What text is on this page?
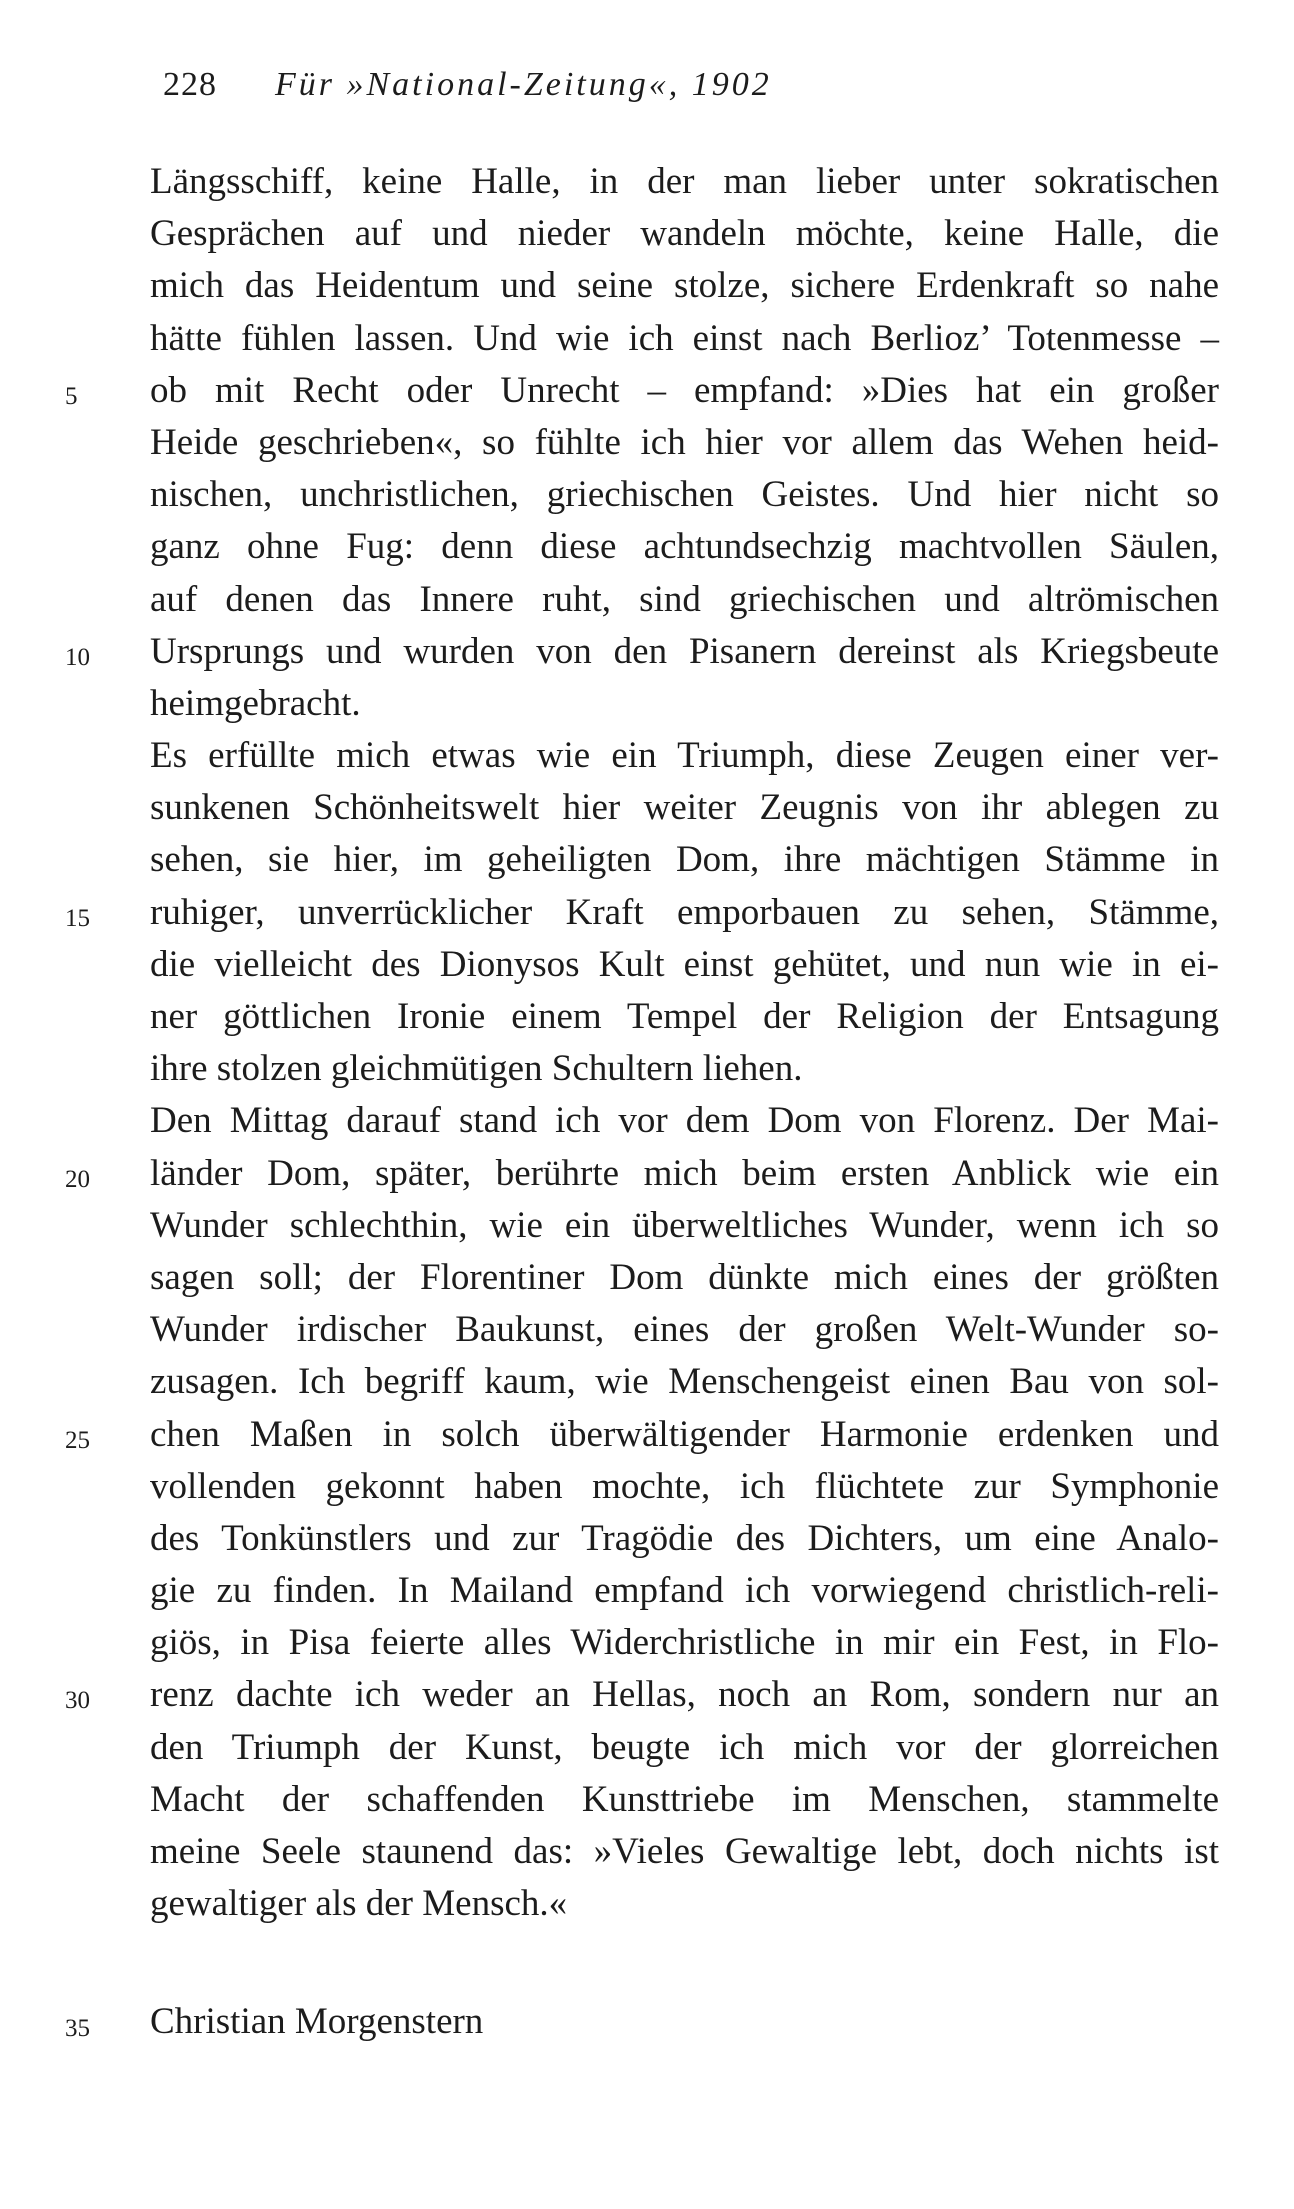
228 Für »National-Zeitung«, 1902
Längsschiff, keine Halle, in der man lieber unter sokratischen
Gesprächen auf und nieder wandeln möchte, keine Halle, die
mich das Heidentum und seine stolze, sichere Erdenkraft so nahe
hätte fühlen lassen. Und wie ich einst nach Berlioz’ Totenmesse –
ob mit Recht oder Unrecht – empfand: »Dies hat ein großer
5
Heide geschrieben«, so fühlte ich hier vor allem das Wehen heid-
nischen, unchristlichen, griechischen Geistes. Und hier nicht so
ganz ohne Fug: denn diese achtundsechzig machtvollen Säulen,
auf denen das Innere ruht, sind griechischen und altrömischen
Ursprungs und wurden von den Pisanern dereinst als Kriegsbeute
10
heimgebracht.
Es erfüllte mich etwas wie ein Triumph, diese Zeugen einer ver-
sunkenen Schönheitswelt hier weiter Zeugnis von ihr ablegen zu
sehen, sie hier, im geheiligten Dom, ihre mächtigen Stämme in
ruhiger, unverrücklicher Kraft emporbauen zu sehen, Stämme,
15
die vielleicht des Dionysos Kult einst gehütet, und nun wie in ei-
ner göttlichen Ironie einem Tempel der Religion der Entsagung
ihre stolzen gleichmütigen Schultern liehen.
Den Mittag darauf stand ich vor dem Dom von Florenz. Der Mai-
länder Dom, später, berührte mich beim ersten Anblick wie ein
20
Wunder schlechthin, wie ein überweltliches Wunder, wenn ich so
sagen soll; der Florentiner Dom dünkte mich eines der größten
Wunder irdischer Baukunst, eines der großen Welt-Wunder so-
zusagen. Ich begriff kaum, wie Menschengeist einen Bau von sol-
chen Maßen in solch überwältigender Harmonie erdenken und
25
vollenden gekonnt haben mochte, ich flüchtete zur Symphonie
des Tonkünstlers und zur Tragödie des Dichters, um eine Analo-
gie zu finden. In Mailand empfand ich vorwiegend christlich-reli-
giös, in Pisa feierte alles Widerchristliche in mir ein Fest, in Flo-
renz dachte ich weder an Hellas, noch an Rom, sondern nur an
30
den Triumph der Kunst, beugte ich mich vor der glorreichen
Macht der schaffenden Kunsttriebe im Menschen, stammelte
meine Seele staunend das: »Vieles Gewaltige lebt, doch nichts ist
gewaltiger als der Mensch.«
35 Christian Morgenstern
